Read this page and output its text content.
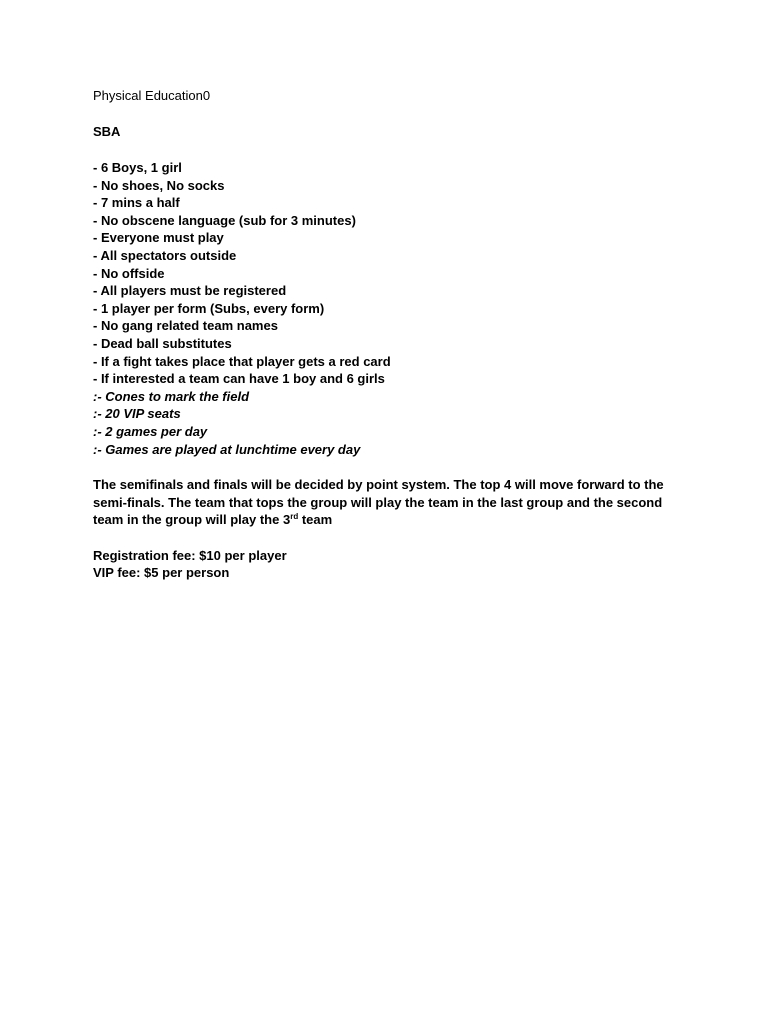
Physical Education0
SBA
- 6 Boys, 1 girl
- No shoes, No socks
- 7 mins a half
- No obscene language (sub for 3 minutes)
- Everyone must play
- All spectators outside
- No offside
- All players must be registered
- 1 player per form (Subs, every form)
- No gang related team names
- Dead ball substitutes
- If a fight takes place that player gets a red card
- If interested a team can have 1 boy and 6 girls
:- Cones to mark the field
:- 20 VIP seats
:- 2 games per day
:- Games are played at lunchtime every day

The semifinals and finals will be decided by point system. The top 4 will move forward to the semi-finals. The team that tops the group will play the team in the last group and the second team in the group will play the 3rd team

Registration fee: $10 per player
VIP fee: $5 per person
